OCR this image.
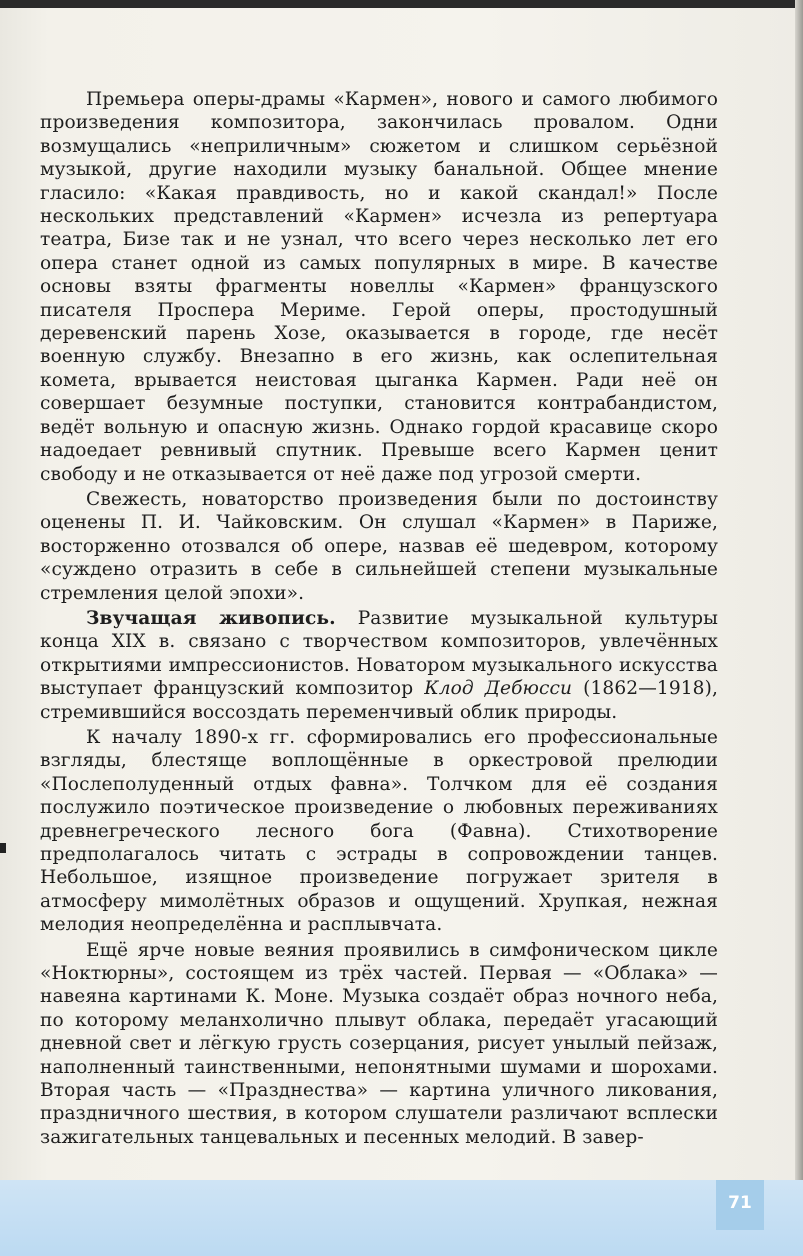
Премьера оперы-драмы «Кармен», нового и самого любимого произведения композитора, закончилась провалом. Одни возмущались «неприличным» сюжетом и слишком серьёзной музыкой, другие находили музыку банальной. Общее мнение гласило: «Какая правдивость, но и какой скандал!» После нескольких представлений «Кармен» исчезла из репертуара театра, Бизе так и не узнал, что всего через несколько лет его опера станет одной из самых популярных в мире. В качестве основы взяты фрагменты новеллы «Кармен» французского писателя Проспера Мериме. Герой оперы, простодушный деревенский парень Хозе, оказывается в городе, где несёт военную службу. Внезапно в его жизнь, как ослепительная комета, врывается неистовая цыганка Кармен. Ради неё он совершает безумные поступки, становится контрабандистом, ведёт вольную и опасную жизнь. Однако гордой красавице скоро надоедает ревнивый спутник. Превыше всего Кармен ценит свободу и не отказывается от неё даже под угрозой смерти.

Свежесть, новаторство произведения были по достоинству оценены П. И. Чайковским. Он слушал «Кармен» в Париже, восторженно отозвался об опере, назвав её шедевром, которому «суждено отразить в себе в сильнейшей степени музыкальные стремления целой эпохи».

Звучащая живопись. Развитие музыкальной культуры конца XIX в. связано с творчеством композиторов, увлечённых открытиями импрессионистов. Новатором музыкального искусства выступает французский композитор Клод Дебюсси (1862—1918), стремившийся воссоздать переменчивый облик природы.

К началу 1890-х гг. сформировались его профессиональные взгляды, блестяще воплощённые в оркестровой прелюдии «Послеполуденный отдых фавна». Толчком для её создания послужило поэтическое произведение о любовных переживаниях древнегреческого лесного бога (Фавна). Стихотворение предполагалось читать с эстрады в сопровождении танцев. Небольшое, изящное произведение погружает зрителя в атмосферу мимолётных образов и ощущений. Хрупкая, нежная мелодия неопределённа и расплывчата.

Ещё ярче новые веяния проявились в симфоническом цикле «Ноктюрны», состоящем из трёх частей. Первая — «Облака» — навеяна картинами К. Моне. Музыка создаёт образ ночного неба, по которому меланхолично плывут облака, передаёт угасающий дневной свет и лёгкую грусть созерцания, рисует унылый пейзаж, наполненный таинственными, непонятными шумами и шорохами. Вторая часть — «Празднества» — картина уличного ликования, праздничного шествия, в котором слушатели различают всплески зажигательных танцевальных и песенных мелодий. В завер-

71
